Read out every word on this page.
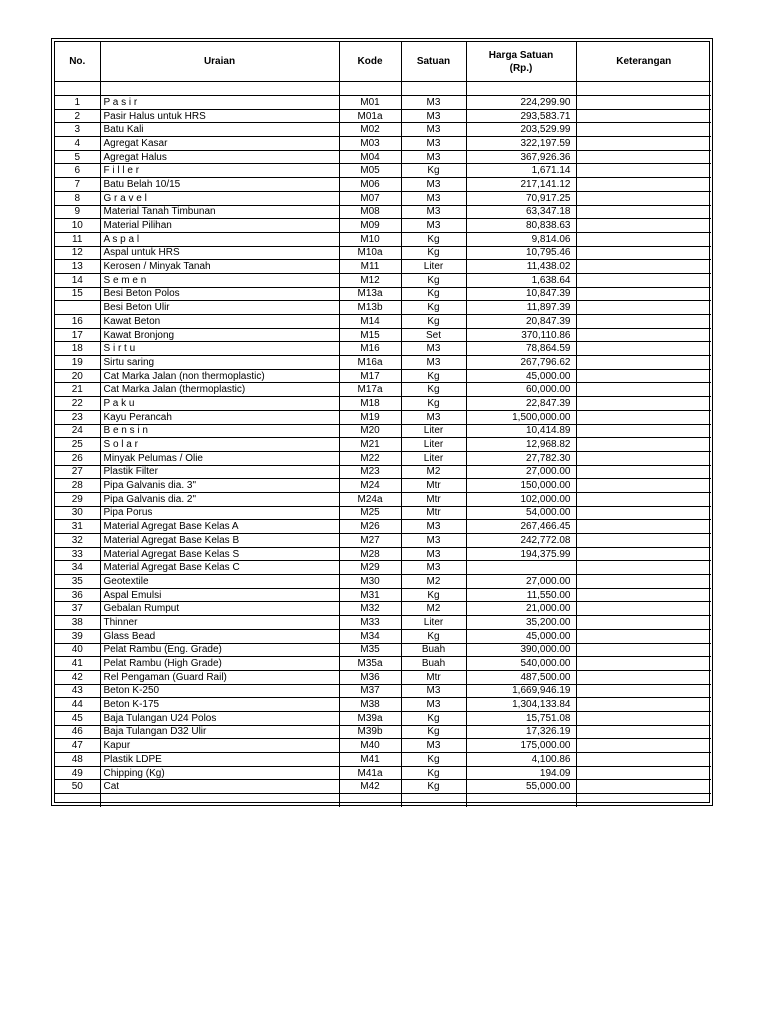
No.	Uraian	Kode	Satuan	Harga Satuan
(Rp.)	Keterangan

1	P a s i r	M01	M3	224,299.90	
2	Pasir Halus untuk HRS	M01a	M3	293,583.71	
3	Batu Kali	M02	M3	203,529.99	
4	Agregat Kasar	M03	M3	322,197.59	
5	Agregat Halus	M04	M3	367,926.36	
6	F i l l e r	M05	Kg	1,671.14	
7	Batu Belah 10/15	M06	M3	217,141.12	
8	G r a v e l	M07	M3	70,917.25	
9	Material Tanah Timbunan	M08	M3	63,347.18	
10	Material Pilihan	M09	M3	80,838.63	
11	A s p a l	M10	Kg	9,814.06	
12	Aspal untuk HRS	M10a	Kg	10,795.46	
13	Kerosen / Minyak Tanah	M11	Liter	11,438.02	
14	S e m e n	M12	Kg	1,638.64	
15	Besi Beton Polos	M13a	Kg	10,847.39	
	Besi Beton Ulir	M13b	Kg	11,897.39	
16	Kawat Beton	M14	Kg	20,847.39	
17	Kawat Bronjong	M15	Set	370,110.86	
18	S i r t u	M16	M3	78,864.59	
19	Sirtu saring	M16a	M3	267,796.62	
20	Cat Marka Jalan (non thermoplastic)	M17	Kg	45,000.00	
21	Cat Marka Jalan (thermoplastic)	M17a	Kg	60,000.00	
22	P a k u	M18	Kg	22,847.39	
23	Kayu Perancah	M19	M3	1,500,000.00	
24	B e n s i n	M20	Liter	10,414.89	
25	S o l a r	M21	Liter	12,968.82	
26	Minyak Pelumas / Olie	M22	Liter	27,782.30	
27	Plastik Filter	M23	M2	27,000.00	
28	Pipa Galvanis dia. 3"	M24	Mtr	150,000.00	
29	Pipa Galvanis dia. 2"	M24a	Mtr	102,000.00	
30	Pipa Porus	M25	Mtr	54,000.00	
31	Material Agregat Base Kelas A	M26	M3	267,466.45	
32	Material Agregat Base Kelas B	M27	M3	242,772.08	
33	Material Agregat Base Kelas S	M28	M3	194,375.99	
34	Material Agregat Base Kelas C	M29	M3		
35	Geotextile	M30	M2	27,000.00	
36	Aspal Emulsi	M31	Kg	11,550.00	
37	Gebalan Rumput	M32	M2	21,000.00	
38	Thinner	M33	Liter	35,200.00	
39	Glass Bead	M34	Kg	45,000.00	
40	Pelat Rambu (Eng. Grade)	M35	Buah	390,000.00	
41	Pelat Rambu (High Grade)	M35a	Buah	540,000.00	
42	Rel Pengaman (Guard Rail)	M36	Mtr	487,500.00	
43	Beton K-250	M37	M3	1,669,946.19	
44	Beton K-175	M38	M3	1,304,133.84	
45	Baja Tulangan U24 Polos	M39a	Kg	15,751.08	
46	Baja Tulangan D32 Ulir	M39b	Kg	17,326.19	
47	Kapur	M40	M3	175,000.00	
48	Plastik LDPE	M41	Kg	4,100.86	
49	Chipping (Kg)	M41a	Kg	194.09	
50	Cat	M42	Kg	55,000.00	
